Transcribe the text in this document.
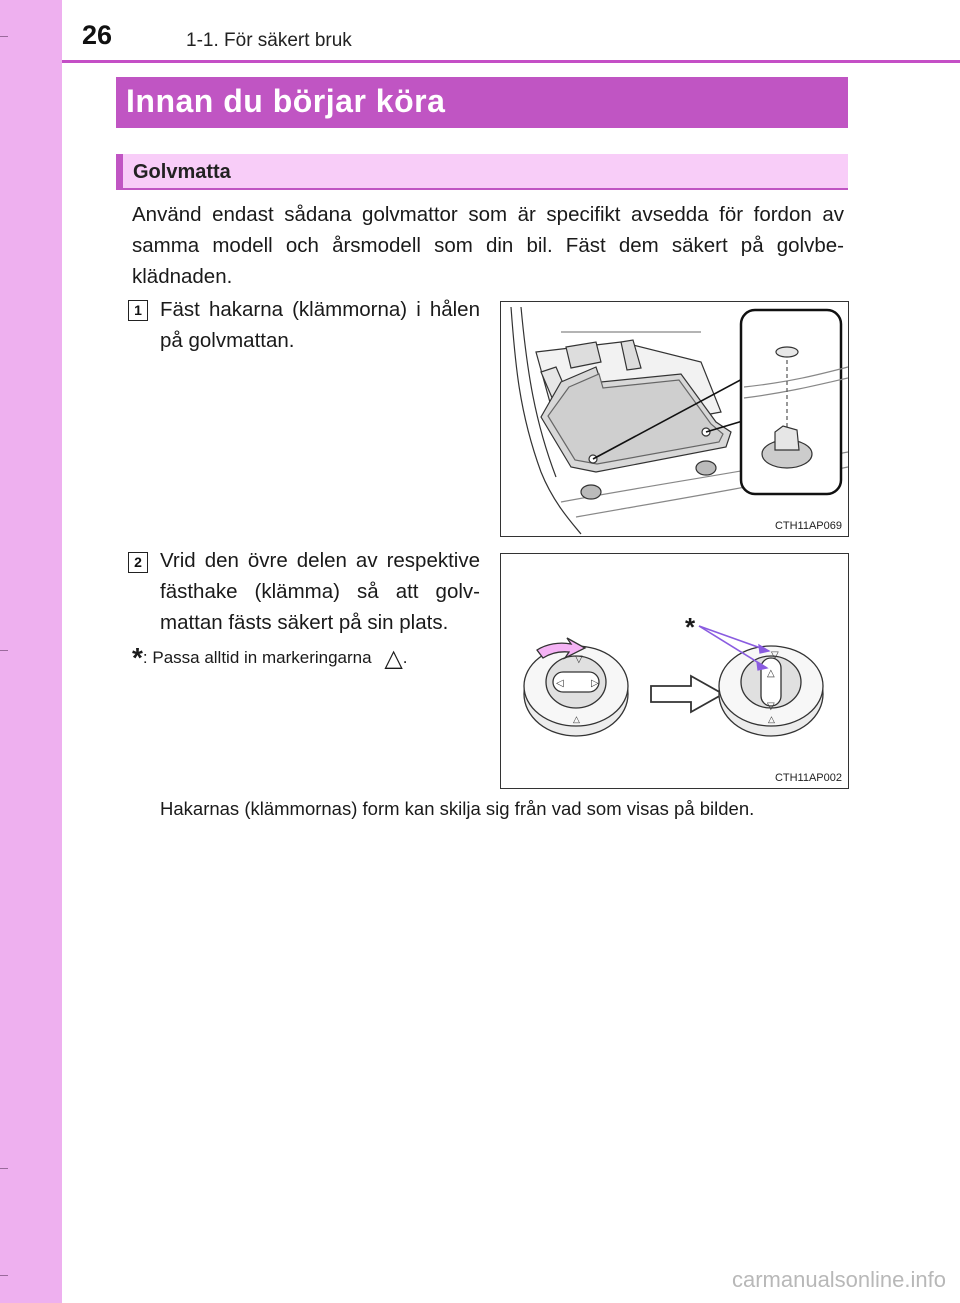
26	1-1. För säkert bruk
Innan du börjar köra
Golvmatta
Använd endast sådana golvmattor som är specifikt avsedda för fordon av samma modell och årsmodell som din bil. Fäst dem säkert på golvbe-klädnaden.
1 Fäst hakarna (klämmorna) i hålen på golvmattan.
CTH11AP069
2 Vrid den övre delen av respektive fästhake (klämma) så att golv-mattan fästs säkert på sin plats.
*: Passa alltid in markeringarna △.	▽
◁	▷
△
▽
△
▽
△
*
CTH11AP002
Hakarnas (klämmornas) form kan skilja sig från vad som visas på bilden.
carmanualsonline.info
